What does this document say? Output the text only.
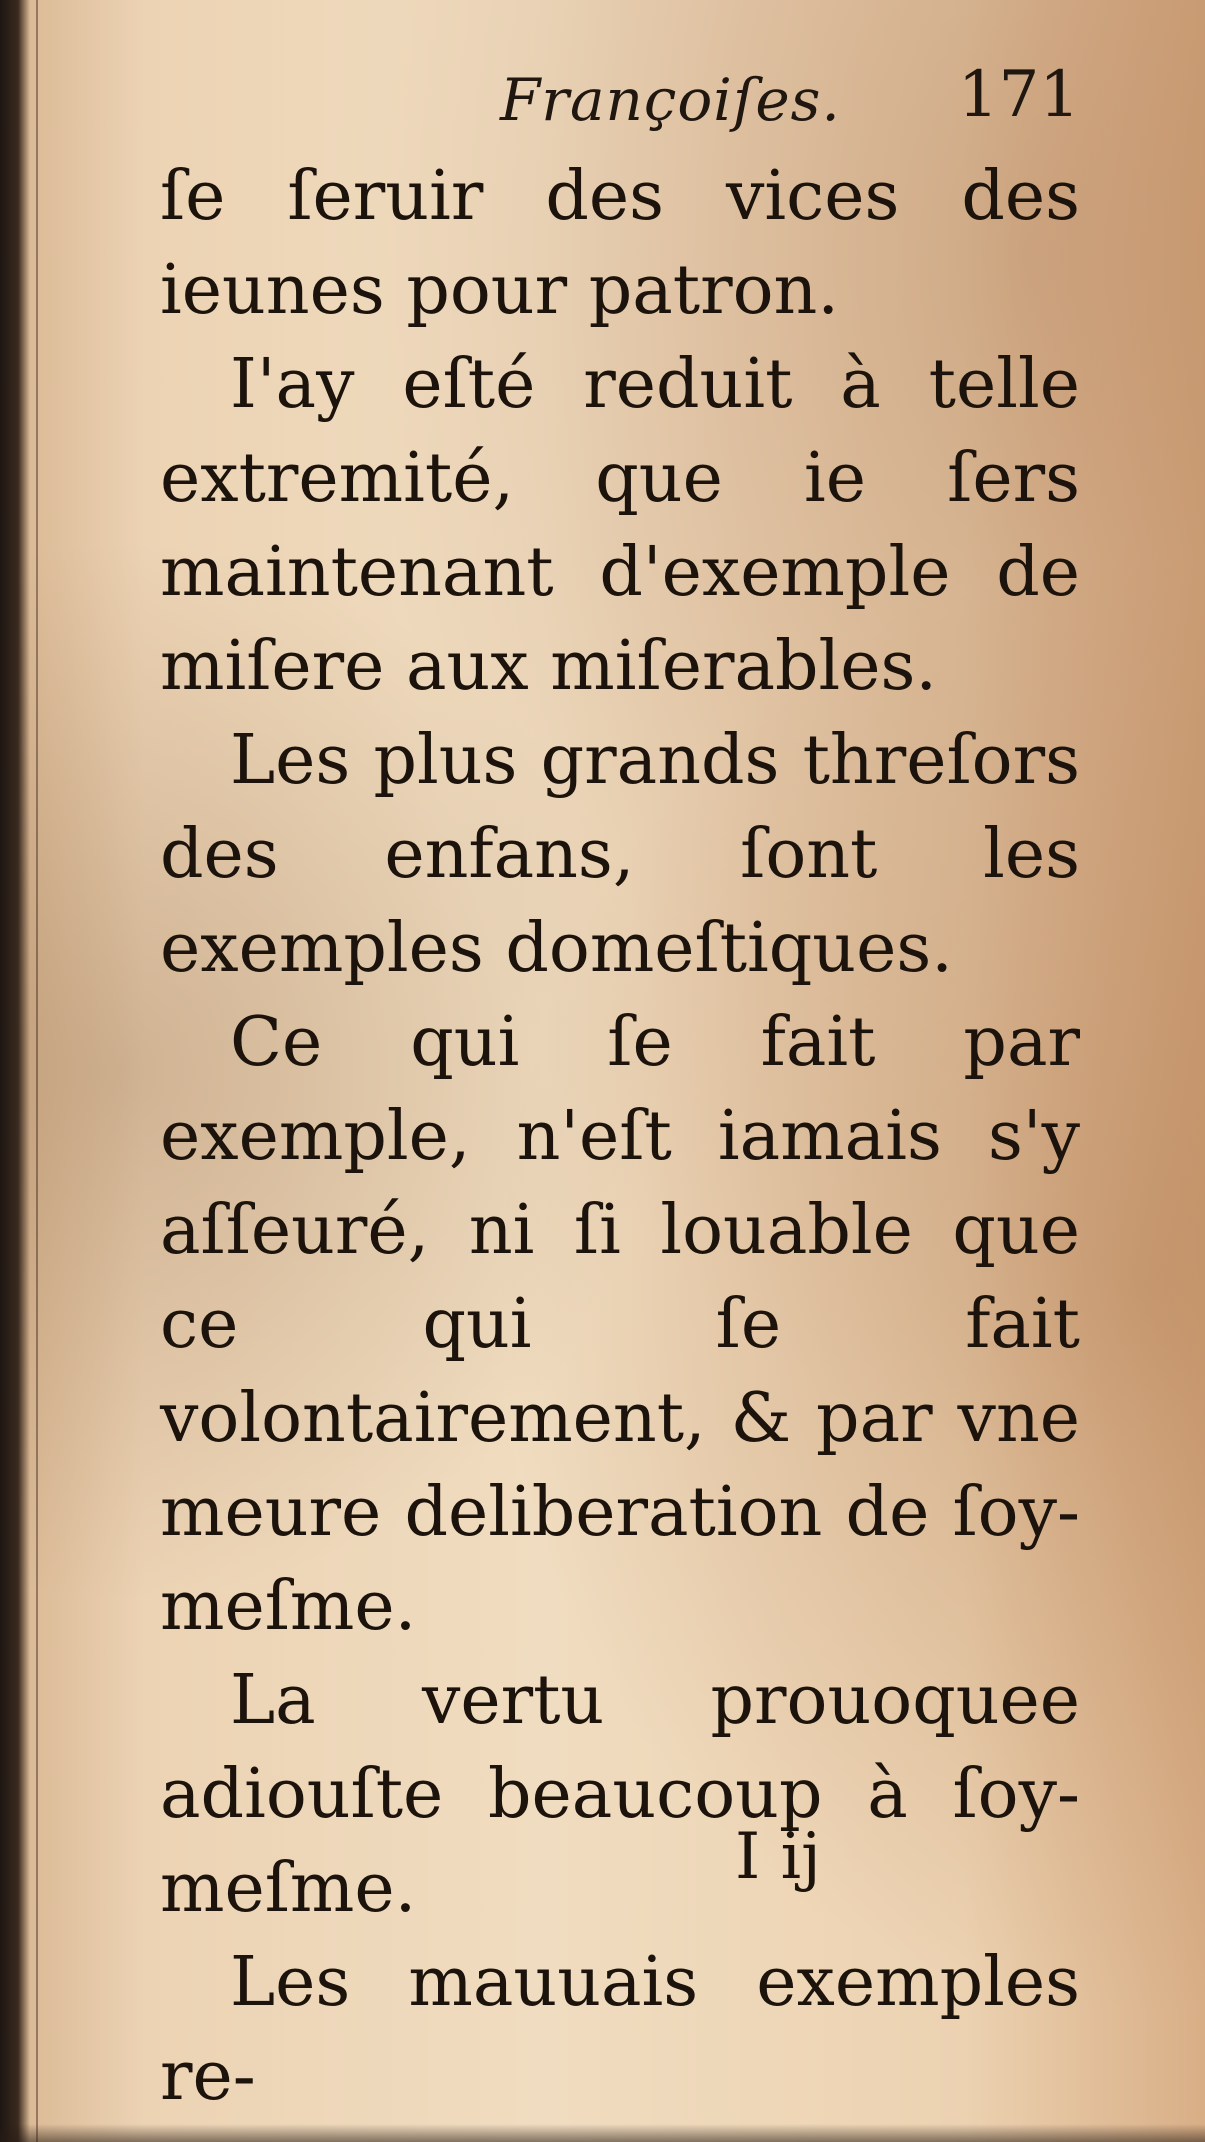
Françoiſes. 171

ſe ſeruir des vices des ieunes pour patron.

I'ay eſté reduit à telle extremité, que ie ſers maintenant d'exemple de miſere aux miſerables.

Les plus grands threſors des enfans, ſont les exemples domeſtiques.

Ce qui ſe fait par exemple, n'eſt iamais s'y aſſeuré, ni ſi louable que ce qui ſe fait volontairement, & par vne meure deliberation de ſoy-meſme.

La vertu prouoquee adiouſte beaucoup à ſoy-meſme.

Les mauuais exemples re-

I ij
